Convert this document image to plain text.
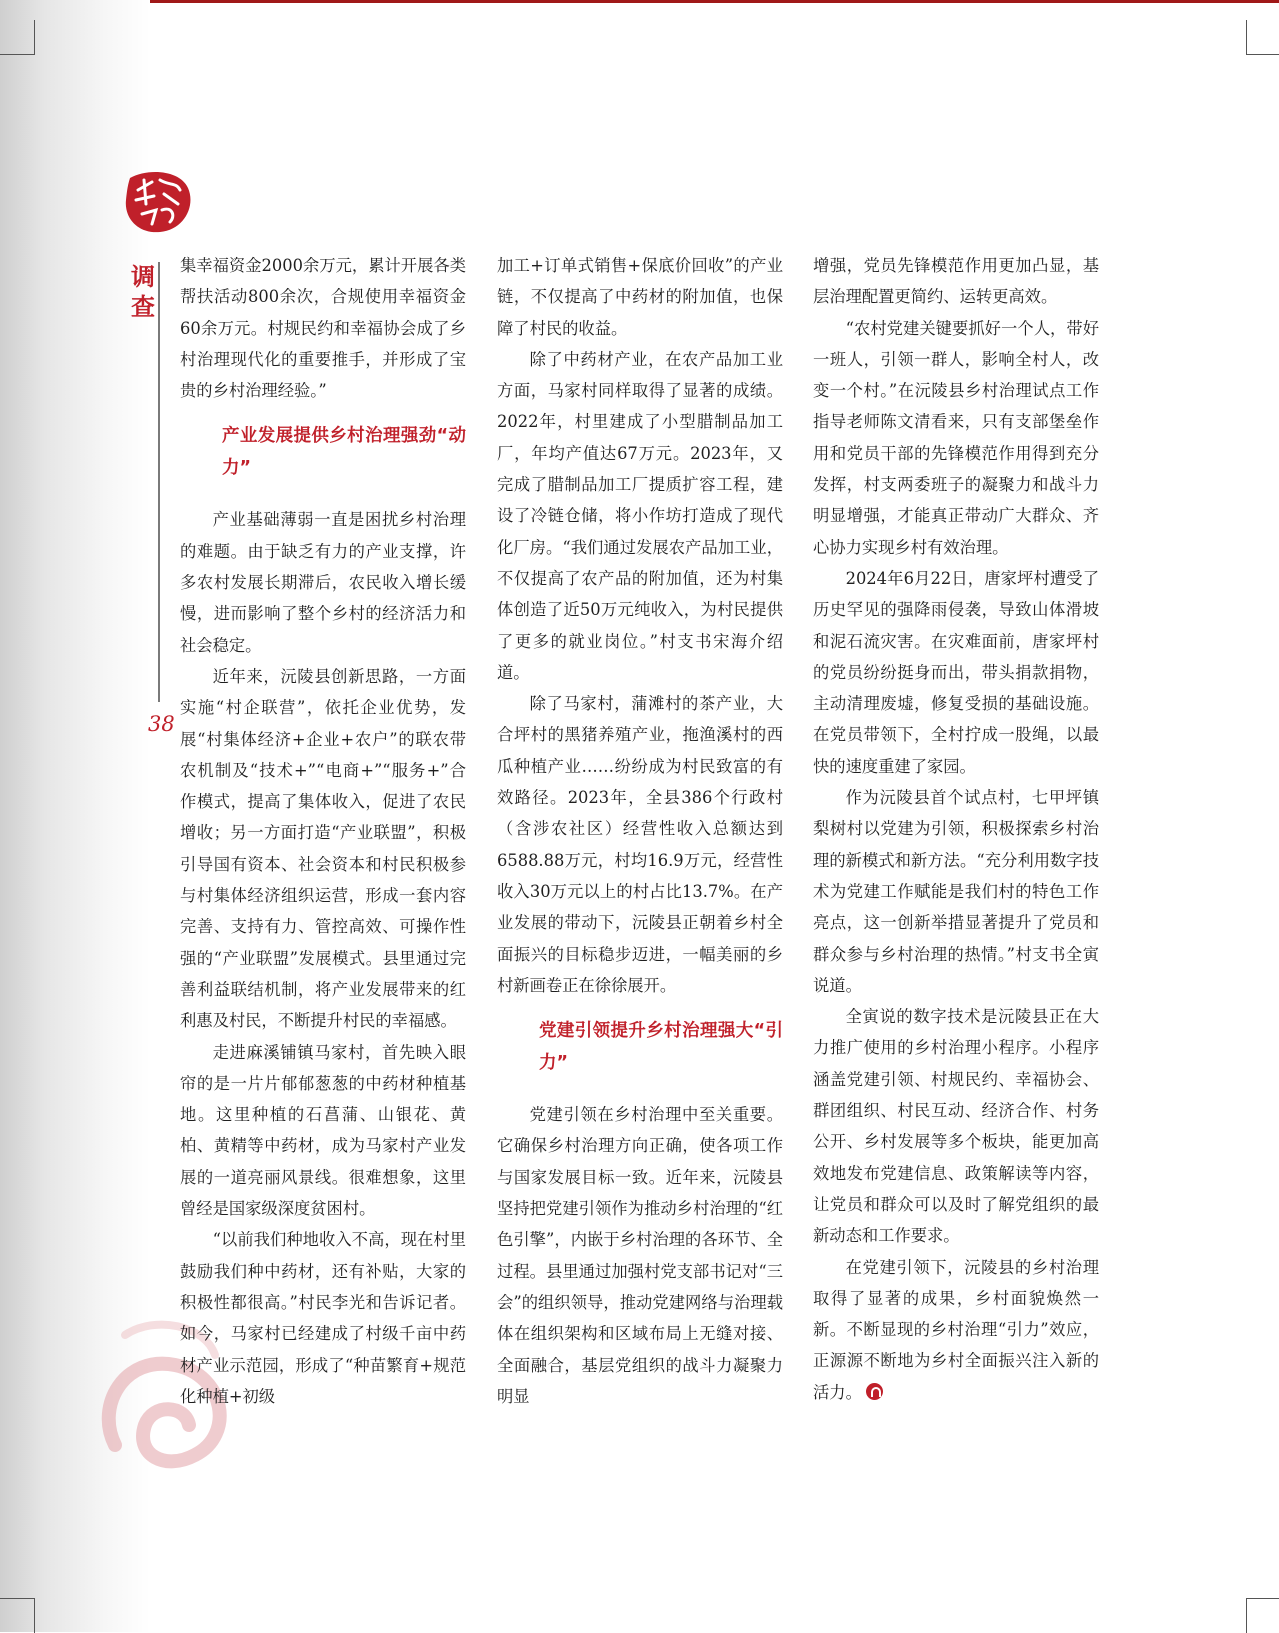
调查
38

集幸福资金2000余万元，累计开展各类帮扶活动800余次，合规使用幸福资金60余万元。村规民约和幸福协会成了乡村治理现代化的重要推手，并形成了宝贵的乡村治理经验。”

产业发展提供乡村治理强劲“动力”

产业基础薄弱一直是困扰乡村治理的难题。由于缺乏有力的产业支撑，许多农村发展长期滞后，农民收入增长缓慢，进而影响了整个乡村的经济活力和社会稳定。

近年来，沅陵县创新思路，一方面实施“村企联营”，依托企业优势，发展“村集体经济+企业+农户”的联农带农机制及“技术+”“电商+”“服务+”合作模式，提高了集体收入，促进了农民增收；另一方面打造“产业联盟”，积极引导国有资本、社会资本和村民积极参与村集体经济组织运营，形成一套内容完善、支持有力、管控高效、可操作性强的“产业联盟”发展模式。县里通过完善利益联结机制，将产业发展带来的红利惠及村民，不断提升村民的幸福感。

走进麻溪铺镇马家村，首先映入眼帘的是一片片郁郁葱葱的中药材种植基地。这里种植的石菖蒲、山银花、黄柏、黄精等中药材，成为马家村产业发展的一道亮丽风景线。很难想象，这里曾经是国家级深度贫困村。

“以前我们种地收入不高，现在村里鼓励我们种中药材，还有补贴，大家的积极性都很高。”村民李光和告诉记者。如今，马家村已经建成了村级千亩中药材产业示范园，形成了“种苗繁育+规范化种植+初级

加工+订单式销售+保底价回收”的产业链，不仅提高了中药材的附加值，也保障了村民的收益。

除了中药材产业，在农产品加工业方面，马家村同样取得了显著的成绩。2022年，村里建成了小型腊制品加工厂，年均产值达67万元。2023年，又完成了腊制品加工厂提质扩容工程，建设了冷链仓储，将小作坊打造成了现代化厂房。“我们通过发展农产品加工业，不仅提高了农产品的附加值，还为村集体创造了近50万元纯收入，为村民提供了更多的就业岗位。”村支书宋海介绍道。

除了马家村，蒲滩村的茶产业，大合坪村的黑猪养殖产业，拖渔溪村的西瓜种植产业……纷纷成为村民致富的有效路径。2023年，全县386个行政村（含涉农社区）经营性收入总额达到6588.88万元，村均16.9万元，经营性收入30万元以上的村占比13.7%。在产业发展的带动下，沅陵县正朝着乡村全面振兴的目标稳步迈进，一幅美丽的乡村新画卷正在徐徐展开。

党建引领提升乡村治理强大“引力”

党建引领在乡村治理中至关重要。它确保乡村治理方向正确，使各项工作与国家发展目标一致。近年来，沅陵县坚持把党建引领作为推动乡村治理的“红色引擎”，内嵌于乡村治理的各环节、全过程。县里通过加强村党支部书记对“三会”的组织领导，推动党建网络与治理载体在组织架构和区域布局上无缝对接、全面融合，基层党组织的战斗力凝聚力明显

增强，党员先锋模范作用更加凸显，基层治理配置更简约、运转更高效。

“农村党建关键要抓好一个人，带好一班人，引领一群人，影响全村人，改变一个村。”在沅陵县乡村治理试点工作指导老师陈文清看来，只有支部堡垒作用和党员干部的先锋模范作用得到充分发挥，村支两委班子的凝聚力和战斗力明显增强，才能真正带动广大群众、齐心协力实现乡村有效治理。

2024年6月22日，唐家坪村遭受了历史罕见的强降雨侵袭，导致山体滑坡和泥石流灾害。在灾难面前，唐家坪村的党员纷纷挺身而出，带头捐款捐物，主动清理废墟，修复受损的基础设施。在党员带领下，全村拧成一股绳，以最快的速度重建了家园。

作为沅陵县首个试点村，七甲坪镇梨树村以党建为引领，积极探索乡村治理的新模式和新方法。“充分利用数字技术为党建工作赋能是我们村的特色工作亮点，这一创新举措显著提升了党员和群众参与乡村治理的热情。”村支书全寅说道。

全寅说的数字技术是沅陵县正在大力推广使用的乡村治理小程序。小程序涵盖党建引领、村规民约、幸福协会、群团组织、村民互动、经济合作、村务公开、乡村发展等多个板块，能更加高效地发布党建信息、政策解读等内容，让党员和群众可以及时了解党组织的最新动态和工作要求。

在党建引领下，沅陵县的乡村治理取得了显著的成果，乡村面貌焕然一新。不断显现的乡村治理“引力”效应，正源源不断地为乡村全面振兴注入新的活力。
